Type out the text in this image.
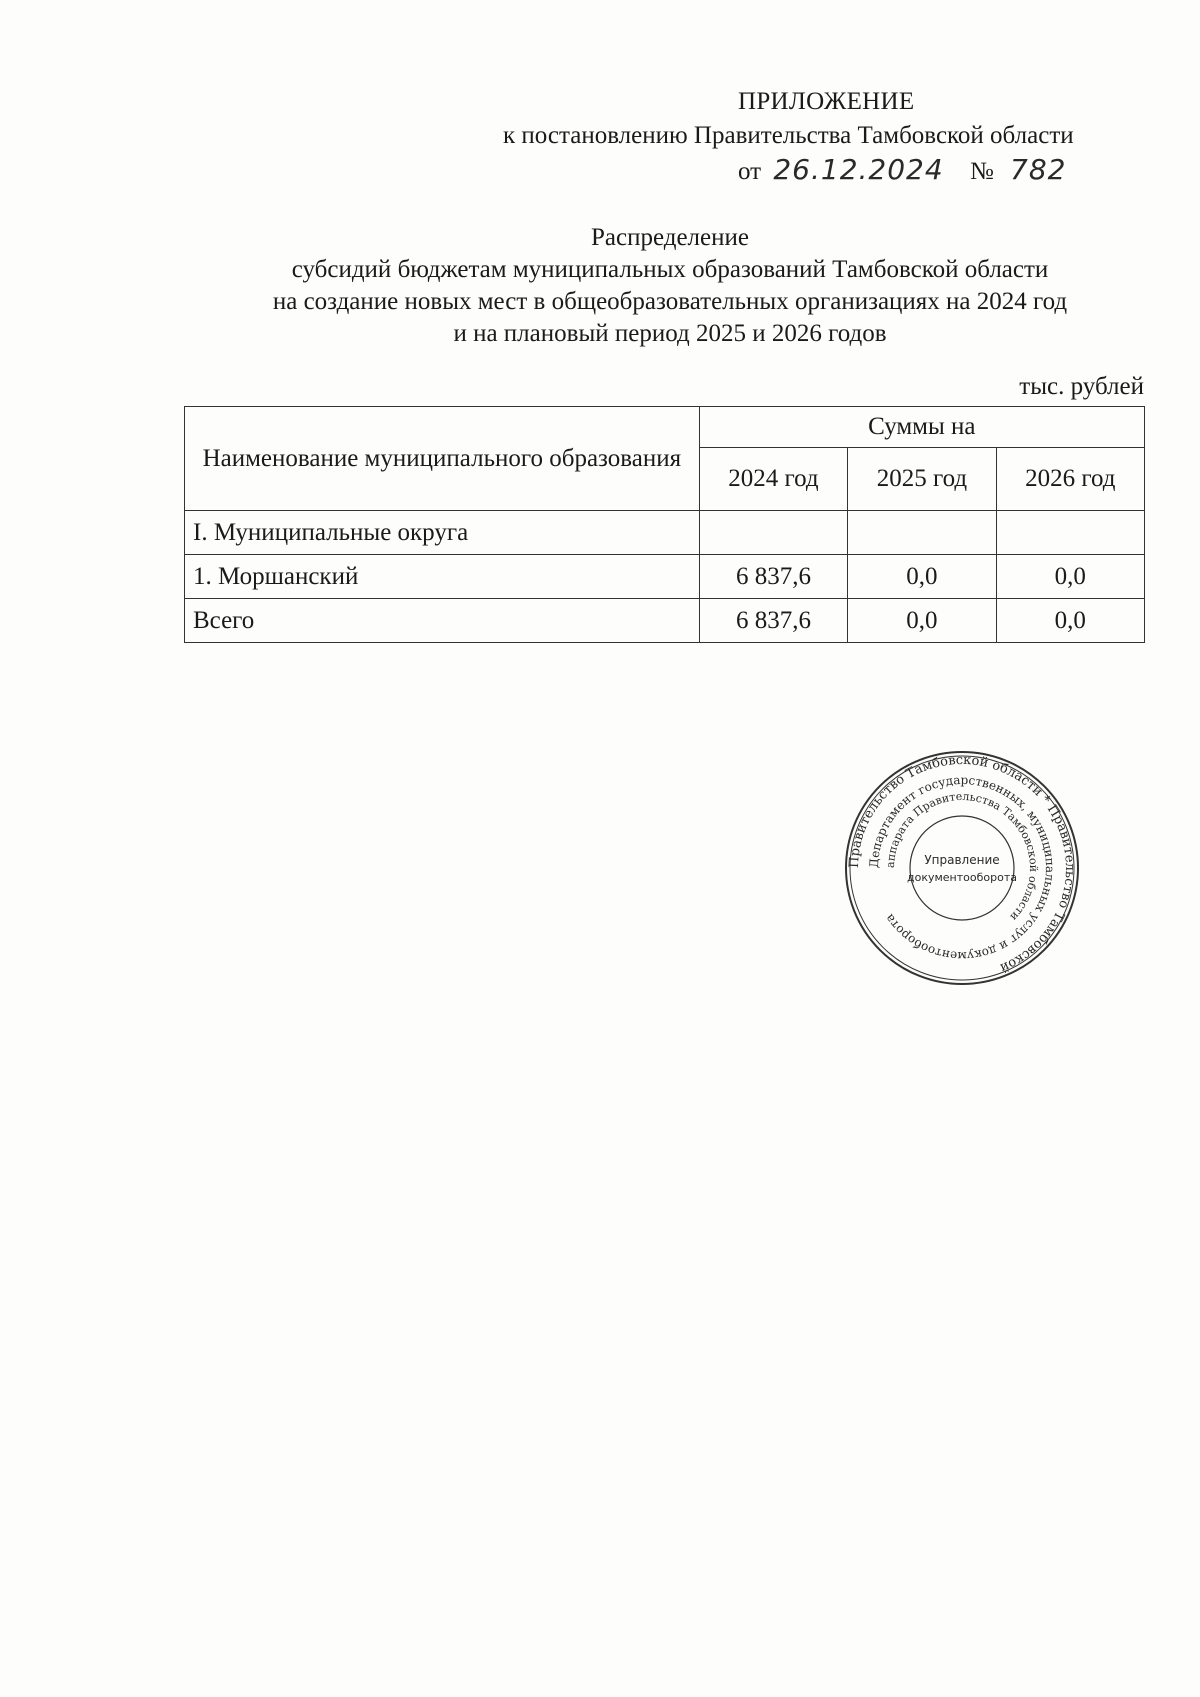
ПРИЛОЖЕНИЕ
к постановлению Правительства Тамбовской области
от 26.12.2024 № 782
Распределение
субсидий бюджетам муниципальных образований Тамбовской области
на создание новых мест в общеобразовательных организациях на 2024 год
и на плановый период 2025 и 2026 годов
тыс. рублей
Наименование муниципального образования	Суммы на		
	2024 год	2025 год	2026 год
I. Муниципальные округа			
1. Моршанский	6 837,6	0,0	0,0
Всего	6 837,6	0,0	0,0
Правительство Тамбовской области * Правительство Тамбовской
Департамент государственных, муниципальных услуг и документооборота
аппарата Правительства Тамбовской области
Управление
документооборота
